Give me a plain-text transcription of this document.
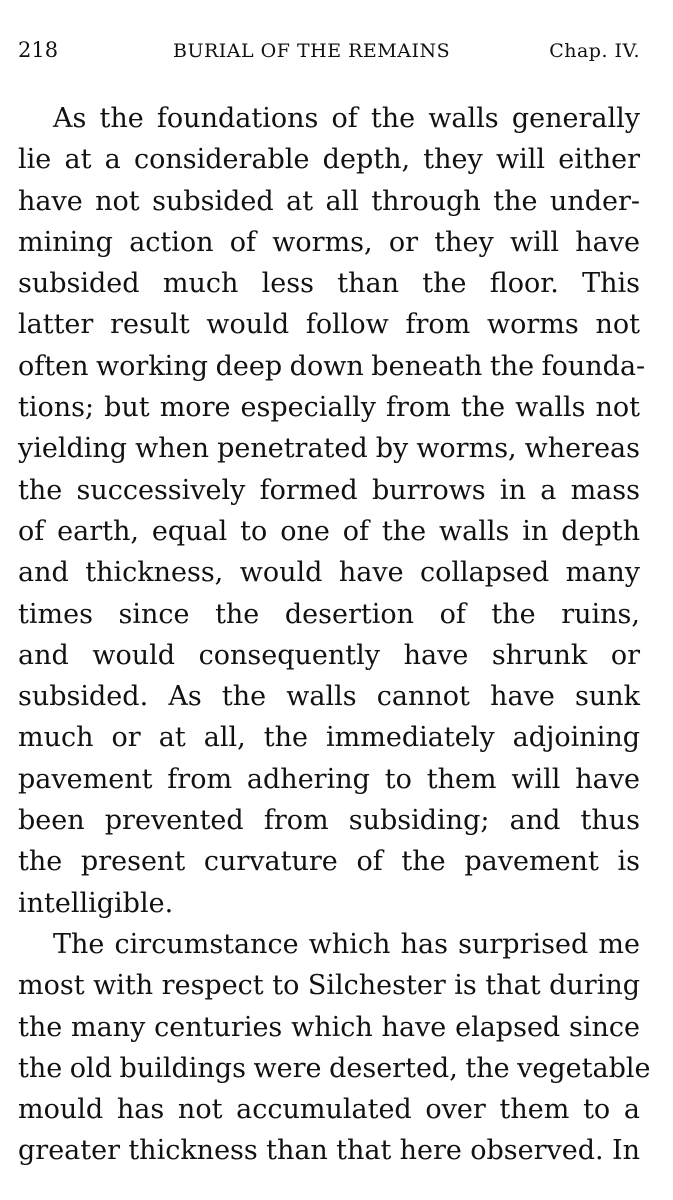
218	BURIAL OF THE REMAINS	Chap. IV.

As the foundations of the walls generally
lie at a considerable depth, they will either
have not subsided at all through the under-
mining action of worms, or they will have
subsided much less than the floor. This
latter result would follow from worms not
often working deep down beneath the founda-
tions; but more especially from the walls not
yielding when penetrated by worms, whereas
the successively formed burrows in a mass
of earth, equal to one of the walls in depth
and thickness, would have collapsed many
times since the desertion of the ruins,
and would consequently have shrunk or
subsided. As the walls cannot have sunk
much or at all, the immediately adjoining
pavement from adhering to them will have
been prevented from subsiding; and thus
the present curvature of the pavement is
intelligible.

The circumstance which has surprised me
most with respect to Silchester is that during
the many centuries which have elapsed since
the old buildings were deserted, the vegetable
mould has not accumulated over them to a
greater thickness than that here observed. In
